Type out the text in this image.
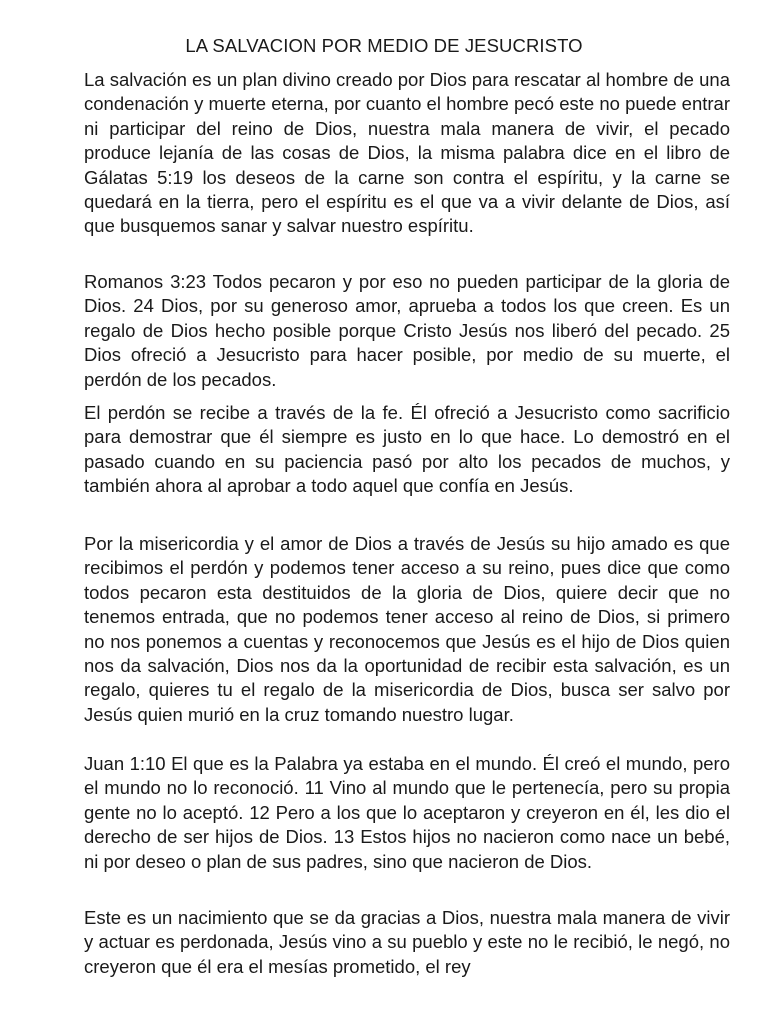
LA SALVACION POR MEDIO DE JESUCRISTO

La salvación es un plan divino creado por Dios para rescatar al hombre de una condenación y muerte eterna, por cuanto el hombre pecó este no puede entrar ni participar del reino de Dios, nuestra mala manera de vivir, el pecado produce lejanía de las cosas de Dios, la misma palabra dice en el libro de Gálatas 5:19 los deseos de la carne son contra el espíritu, y la carne se quedará en la tierra, pero el espíritu es el que va a vivir delante de Dios, así que busquemos sanar y salvar nuestro espíritu.

Romanos 3:23 Todos pecaron y por eso no pueden participar de la gloria de Dios. 24 Dios, por su generoso amor, aprueba a todos los que creen. Es un regalo de Dios hecho posible porque Cristo Jesús nos liberó del pecado. 25 Dios ofreció a Jesucristo para hacer posible, por medio de su muerte, el perdón de los pecados.

El perdón se recibe a través de la fe. Él ofreció a Jesucristo como sacrificio para demostrar que él siempre es justo en lo que hace. Lo demostró en el pasado cuando en su paciencia pasó por alto los pecados de muchos, y también ahora al aprobar a todo aquel que confía en Jesús.

Por la misericordia y el amor de Dios a través de Jesús su hijo amado es que recibimos el perdón y podemos tener acceso a su reino, pues dice que como todos pecaron esta destituidos de la gloria de Dios, quiere decir que no tenemos entrada, que no podemos tener acceso al reino de Dios, si primero no nos ponemos a cuentas y reconocemos que Jesús es el hijo de Dios quien nos da salvación, Dios nos da la oportunidad de recibir esta salvación, es un regalo, quieres tu el regalo de la misericordia de Dios, busca ser salvo por Jesús quien murió en la cruz tomando nuestro lugar.

Juan 1:10 El que es la Palabra ya estaba en el mundo. Él creó el mundo, pero el mundo no lo reconoció. 11 Vino al mundo que le pertenecía, pero su propia gente no lo aceptó. 12 Pero a los que lo aceptaron y creyeron en él, les dio el derecho de ser hijos de Dios. 13 Estos hijos no nacieron como nace un bebé, ni por deseo o plan de sus padres, sino que nacieron de Dios.

Este es un nacimiento que se da gracias a Dios, nuestra mala manera de vivir y actuar es perdonada, Jesús vino a su pueblo y este no le recibió, le negó, no creyeron que él era el mesías prometido, el rey
